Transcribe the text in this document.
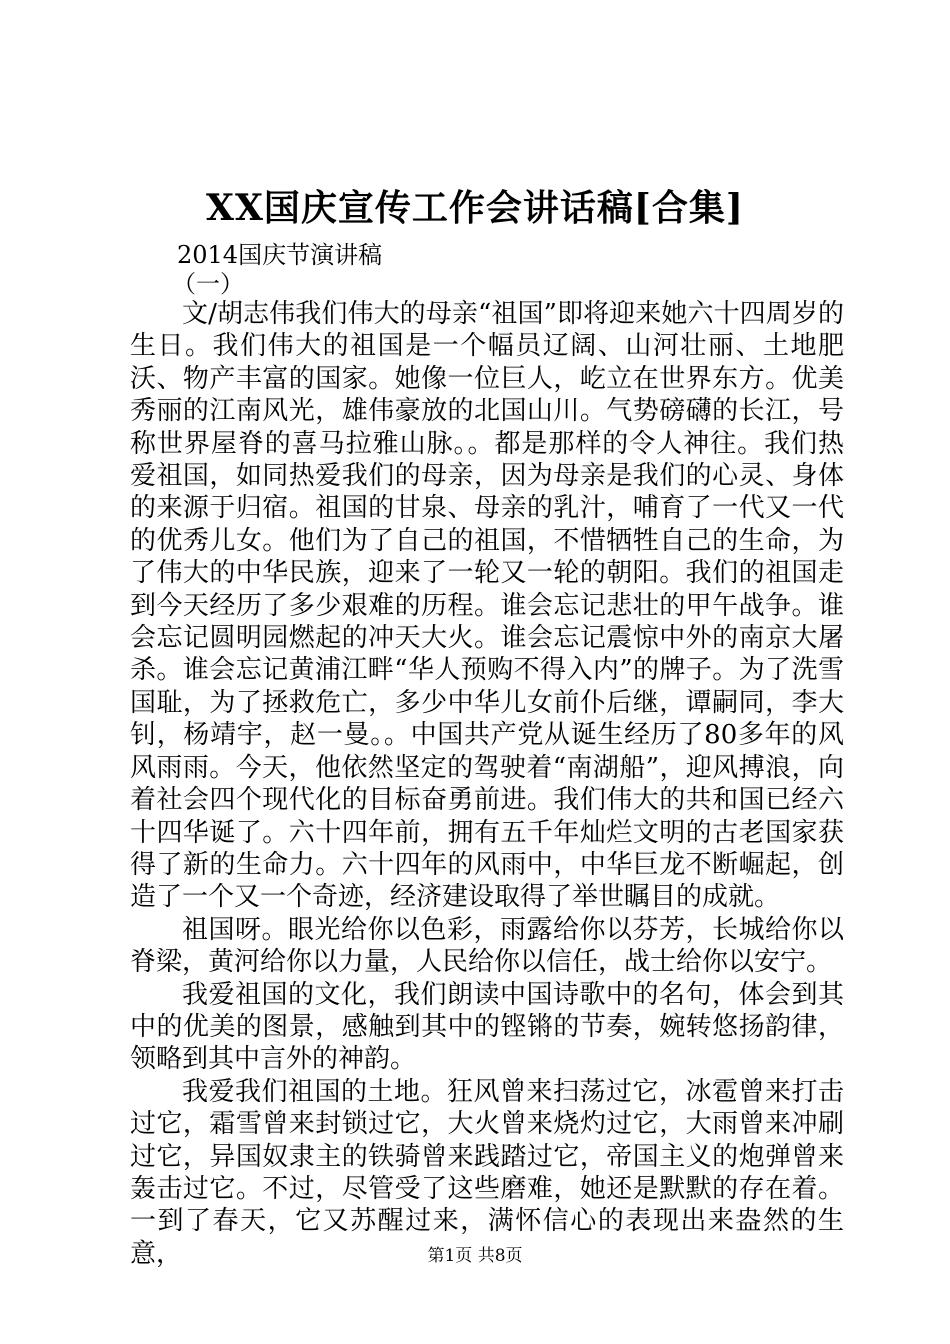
XX国庆宣传工作会讲话稿[合集]
2014国庆节演讲稿
（一）

文/胡志伟我们伟大的母亲“祖国”即将迎来她六十四周岁的生日。我们伟大的祖国是一个幅员辽阔、山河壮丽、土地肥沃、物产丰富的国家。她像一位巨人，屹立在世界东方。优美秀丽的江南风光，雄伟豪放的北国山川。气势磅礴的长江，号称世界屋脊的喜马拉雅山脉。。都是那样的令人神往。我们热爱祖国，如同热爱我们的母亲，因为母亲是我们的心灵、身体的来源于归宿。祖国的甘泉、母亲的乳汁，哺育了一代又一代的优秀儿女。他们为了自己的祖国，不惜牺牲自己的生命，为了伟大的中华民族，迎来了一轮又一轮的朝阳。我们的祖国走到今天经历了多少艰难的历程。谁会忘记悲壮的甲午战争。谁会忘记圆明园燃起的冲天大火。谁会忘记震惊中外的南京大屠杀。谁会忘记黄浦江畔“华人预购不得入内”的牌子。为了洗雪国耻，为了拯救危亡，多少中华儿女前仆后继，谭嗣同，李大钊，杨靖宇，赵一曼。。中国共产党从诞生经历了80多年的风风雨雨。今天，他依然坚定的驾驶着“南湖船”，迎风搏浪，向着社会四个现代化的目标奋勇前进。我们伟大的共和国已经六十四华诞了。六十四年前，拥有五千年灿烂文明的古老国家获得了新的生命力。六十四年的风雨中，中华巨龙不断崛起，创造了一个又一个奇迹，经济建设取得了举世瞩目的成就。

祖国呀。眼光给你以色彩，雨露给你以芬芳，长城给你以脊梁，黄河给你以力量，人民给你以信任，战士给你以安宁。

我爱祖国的文化，我们朗读中国诗歌中的名句，体会到其中的优美的图景，感触到其中的铿锵的节奏，婉转悠扬韵律，领略到其中言外的神韵。

我爱我们祖国的土地。狂风曾来扫荡过它，冰雹曾来打击过它，霜雪曾来封锁过它，大火曾来烧灼过它，大雨曾来冲刷过它，异国奴隶主的铁骑曾来践踏过它，帝国主义的炮弹曾来轰击过它。不过，尽管受了这些磨难，她还是默默的存在着。一到了春天，它又苏醒过来，满怀信心的表现出来盎然的生意，	第1页 共8页
